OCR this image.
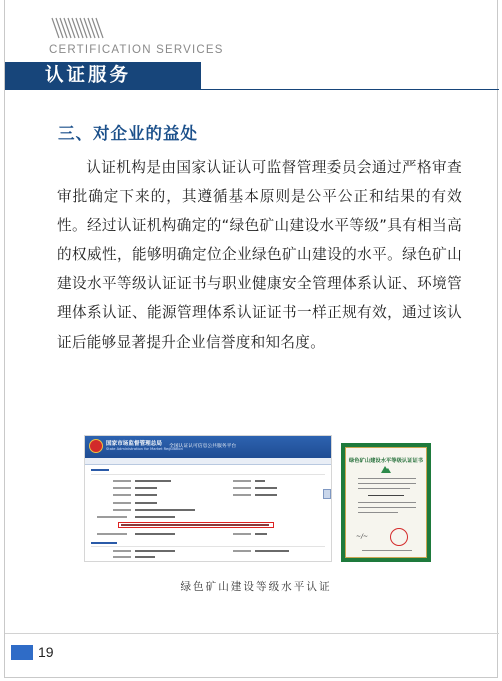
CERTIFICATION SERVICES
认证服务
三、对企业的益处
认证机构是由国家认证认可监督管理委员会通过严格审查审批确定下来的，其遵循基本原则是公平公正和结果的有效性。经过认证机构确定的“绿色矿山建设水平等级”具有相当高的权威性，能够明确定位企业绿色矿山建设的水平。绿色矿山建设水平等级认证证书与职业健康安全管理体系认证、环境管理体系认证、能源管理体系认证证书一样正规有效，通过该认证后能够显著提升企业信誉度和知名度。
国家市场监督管理总局
State Administration for Market Regulation
全国认证认可信息公共服务平台
绿色矿山建设水平等级认证证书
~/~
绿色矿山建设等级水平认证
19
